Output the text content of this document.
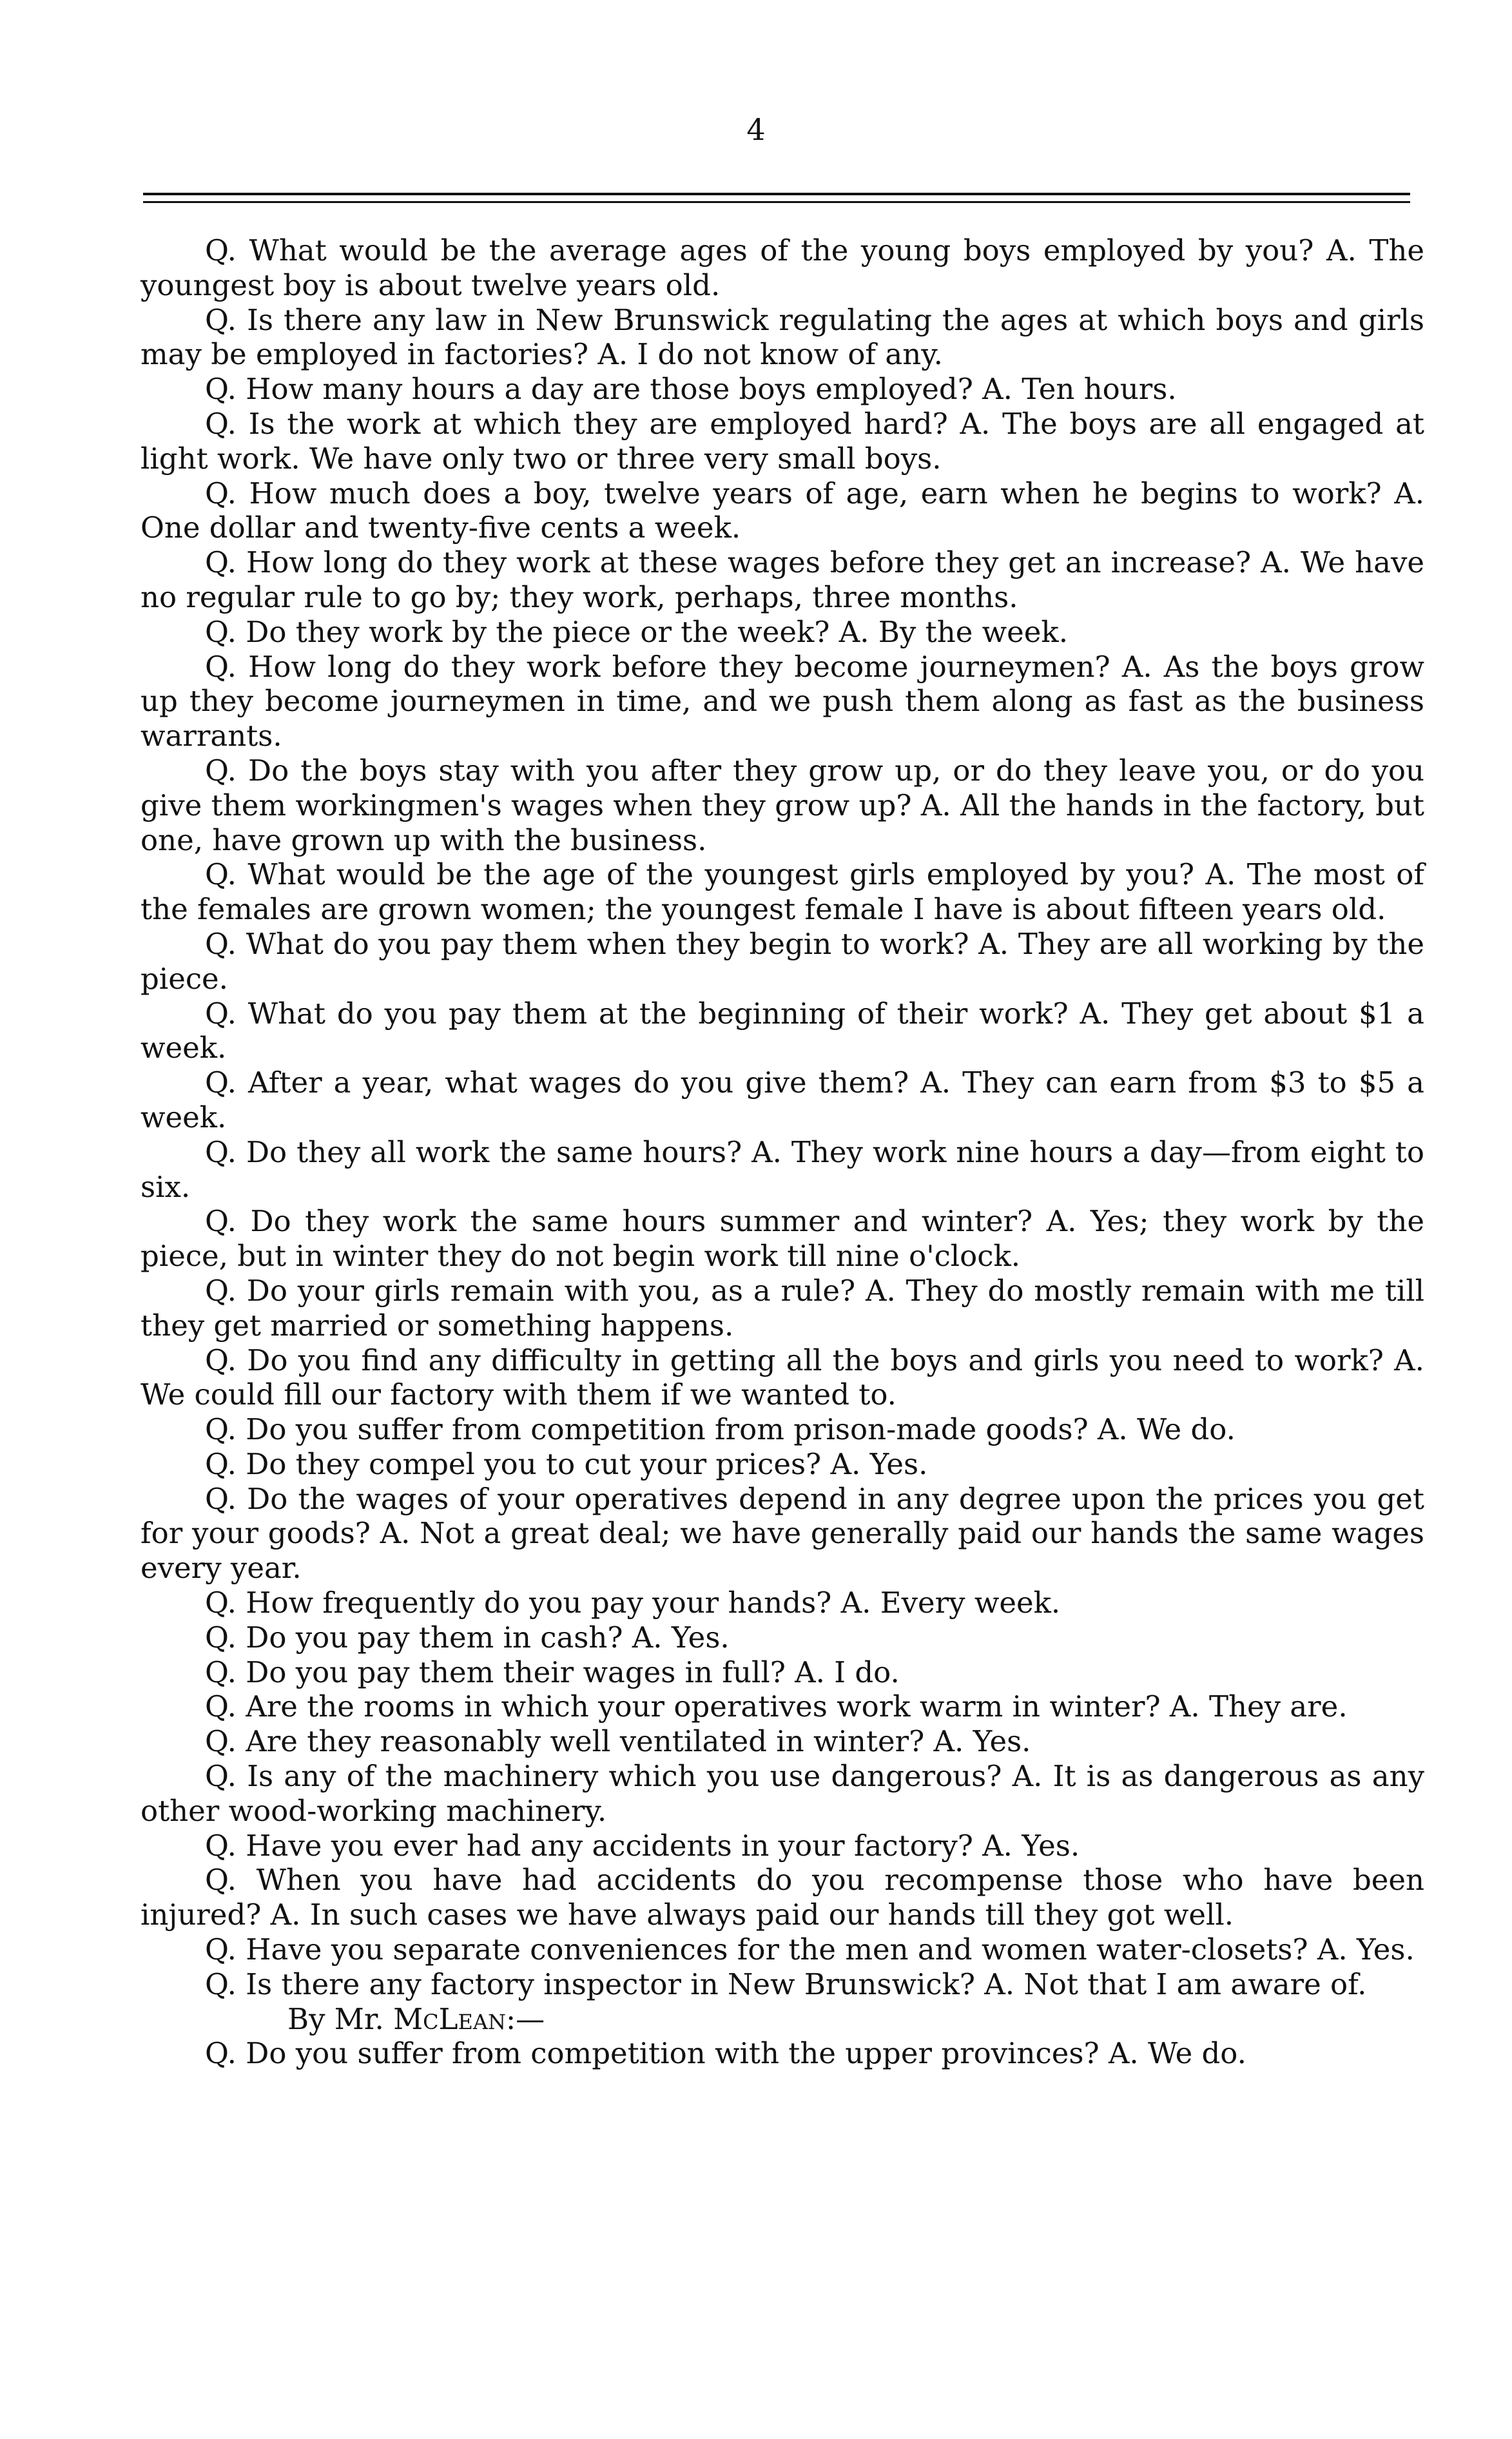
4

Q. What would be the average ages of the young boys employed by you? A. The youngest boy is about twelve years old.

Q. Is there any law in New Brunswick regulating the ages at which boys and girls may be employed in factories? A. I do not know of any.

Q. How many hours a day are those boys employed? A. Ten hours.

Q. Is the work at which they are employed hard? A. The boys are all engaged at light work. We have only two or three very small boys.

Q. How much does a boy, twelve years of age, earn when he begins to work? A. One dollar and twenty-five cents a week.

Q. How long do they work at these wages before they get an increase? A. We have no regular rule to go by; they work, perhaps, three months.

Q. Do they work by the piece or the week? A. By the week.

Q. How long do they work before they become journeymen? A. As the boys grow up they become journeymen in time, and we push them along as fast as the business warrants.

Q. Do the boys stay with you after they grow up, or do they leave you, or do you give them workingmen's wages when they grow up? A. All the hands in the factory, but one, have grown up with the business.

Q. What would be the age of the youngest girls employed by you? A. The most of the females are grown women; the youngest female I have is about fifteen years old.

Q. What do you pay them when they begin to work? A. They are all working by the piece.

Q. What do you pay them at the beginning of their work? A. They get about $1 a week.

Q. After a year, what wages do you give them? A. They can earn from $3 to $5 a week.

Q. Do they all work the same hours? A. They work nine hours a day—from eight to six.

Q. Do they work the same hours summer and winter? A. Yes; they work by the piece, but in winter they do not begin work till nine o'clock.

Q. Do your girls remain with you, as a rule? A. They do mostly remain with me till they get married or something happens.

Q. Do you find any difficulty in getting all the boys and girls you need to work? A. We could fill our factory with them if we wanted to.

Q. Do you suffer from competition from prison-made goods? A. We do.

Q. Do they compel you to cut your prices? A. Yes.

Q. Do the wages of your operatives depend in any degree upon the prices you get for your goods? A. Not a great deal; we have generally paid our hands the same wages every year.

Q. How frequently do you pay your hands? A. Every week.

Q. Do you pay them in cash? A. Yes.

Q. Do you pay them their wages in full? A. I do.

Q. Are the rooms in which your operatives work warm in winter? A. They are.

Q. Are they reasonably well ventilated in winter? A. Yes.

Q. Is any of the machinery which you use dangerous? A. It is as dangerous as any other wood-working machinery.

Q. Have you ever had any accidents in your factory? A. Yes.

Q. When you have had accidents do you recompense those who have been injured? A. In such cases we have always paid our hands till they got well.

Q. Have you separate conveniences for the men and women water-closets? A. Yes.

Q. Is there any factory inspector in New Brunswick? A. Not that I am aware of.

By Mr. McLean:—

Q. Do you suffer from competition with the upper provinces? A. We do.
